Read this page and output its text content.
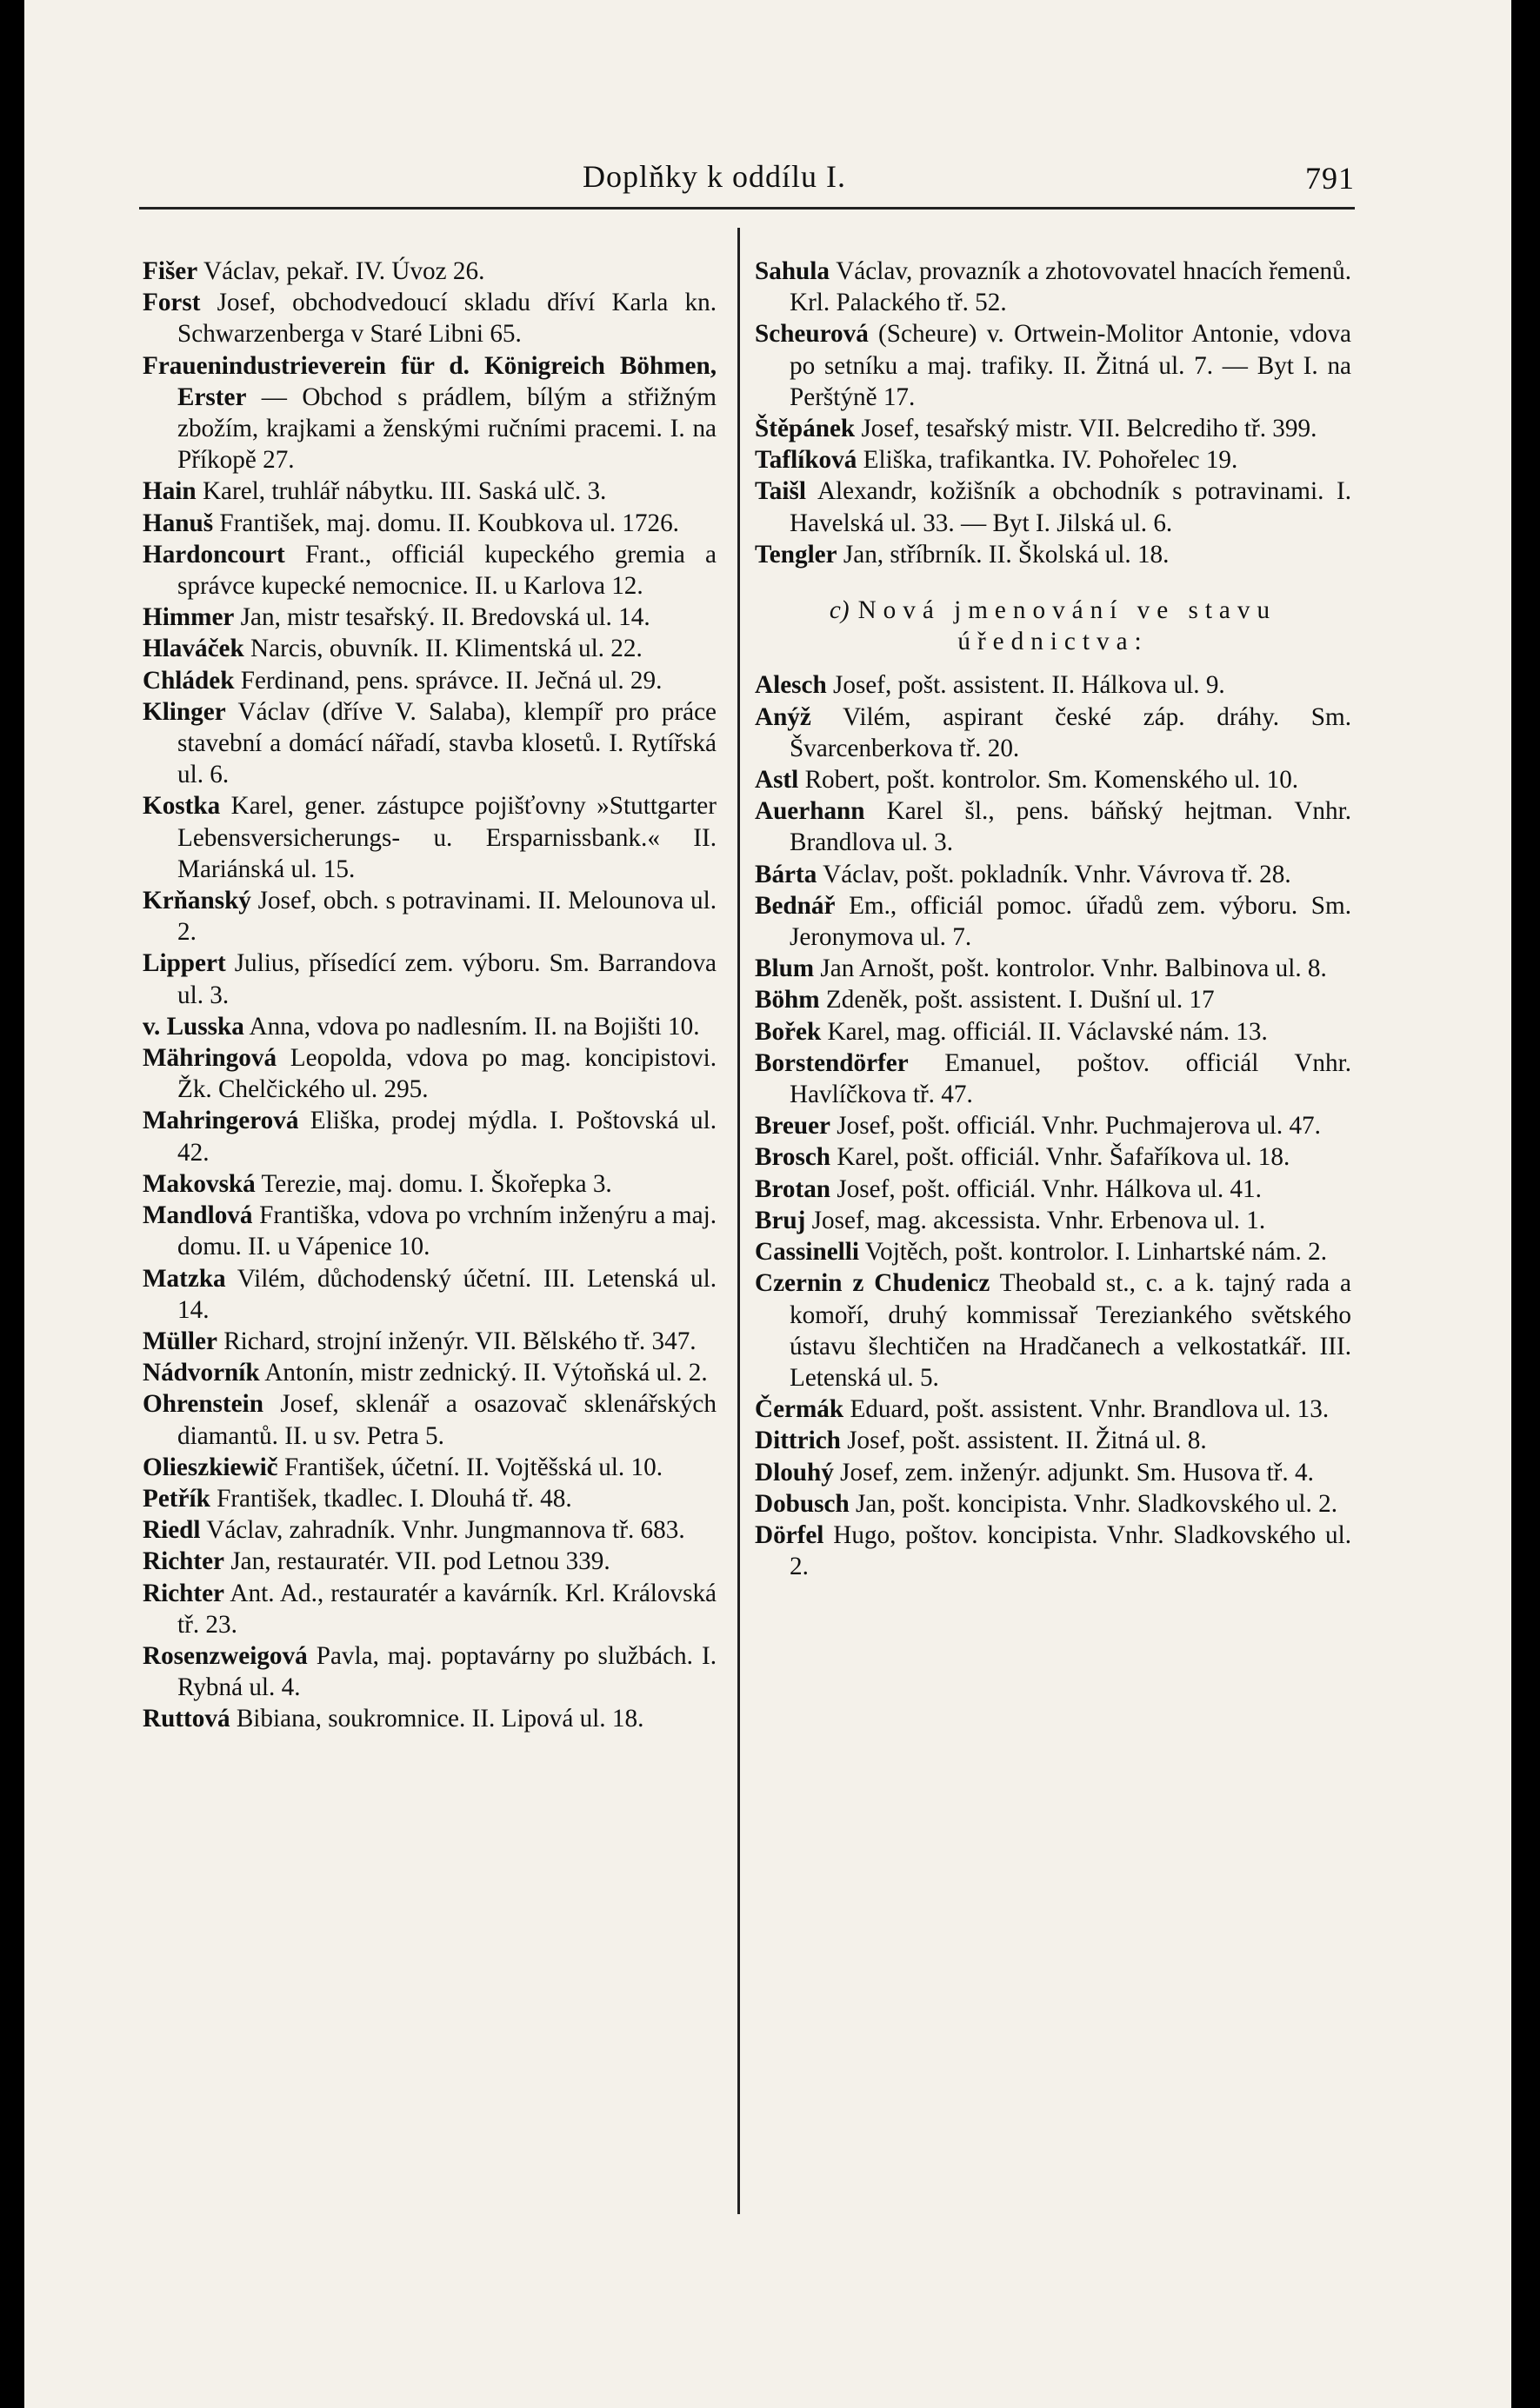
Doplňky k oddílu I.	791

Fišer Václav, pekař. IV. Úvoz 26.

Forst Josef, obchodvedoucí skladu dříví Karla kn. Schwarzenberga v Staré Libni 65.

Frauenindustrieverein für d. Königreich Böhmen, Erster — Obchod s prádlem, bílým a střižným zbožím, krajkami a ženskými ručními pracemi. I. na Příkopě 27.

Hain Karel, truhlář nábytku. III. Saská ulč. 3.

Hanuš František, maj. domu. II. Koubkova ul. 1726.

Hardoncourt Frant., officiál kupeckého gremia a správce kupecké nemocnice. II. u Karlova 12.

Himmer Jan, mistr tesařský. II. Bredovská ul. 14.

Hlaváček Narcis, obuvník. II. Klimentská ul. 22.

Chládek Ferdinand, pens. správce. II. Ječná ul. 29.

Klinger Václav (dříve V. Salaba), klempíř pro práce stavební a domácí nářadí, stavba klosetů. I. Rytířská ul. 6.

Kostka Karel, gener. zástupce pojišťovny »Stuttgarter Lebensversicherungs- u. Ersparnissbank.« II. Mariánská ul. 15.

Krňanský Josef, obch. s potravinami. II. Melounova ul. 2.

Lippert Julius, přísedící zem. výboru. Sm. Barrandova ul. 3.

v. Lusska Anna, vdova po nadlesním. II. na Bojišti 10.

Mähringová Leopolda, vdova po mag. koncipistovi. Žk. Chelčického ul. 295.

Mahringerová Eliška, prodej mýdla. I. Poštovská ul. 42.

Makovská Terezie, maj. domu. I. Škořepka 3.

Mandlová Františka, vdova po vrchním inženýru a maj. domu. II. u Vápenice 10.

Matzka Vilém, důchodenský účetní. III. Letenská ul. 14.

Müller Richard, strojní inženýr. VII. Bělského tř. 347.

Nádvorník Antonín, mistr zednický. II. Výtoňská ul. 2.

Ohrenstein Josef, sklenář a osazovač sklenářských diamantů. II. u sv. Petra 5.

Olieszkiewič František, účetní. II. Vojtěšská ul. 10.

Petřík František, tkadlec. I. Dlouhá tř. 48.

Riedl Václav, zahradník. Vnhr. Jungmannova tř. 683.

Richter Jan, restauratér. VII. pod Letnou 339.

Richter Ant. Ad., restauratér a kavárník. Krl. Královská tř. 23.

Rosenzweigová Pavla, maj. poptavárny po službách. I. Rybná ul. 4.

Ruttová Bibiana, soukromnice. II. Lipová ul. 18.

Sahula Václav, provazník a zhotovovatel hnacích řemenů. Krl. Palackého tř. 52.

Scheurová (Scheure) v. Ortwein-Molitor Antonie, vdova po setníku a maj. trafiky. II. Žitná ul. 7. — Byt I. na Perštýně 17.

Štěpánek Josef, tesařský mistr. VII. Belcrediho tř. 399.

Taflíková Eliška, trafikantka. IV. Pohořelec 19.

Taišl Alexandr, kožišník a obchodník s potravinami. I. Havelská ul. 33. — Byt I. Jilská ul. 6.

Tengler Jan, stříbrník. II. Školská ul. 18.

c) Nová jmenování ve stavu úřednictva:

Alesch Josef, pošt. assistent. II. Hálkova ul. 9.

Anýž Vilém, aspirant české záp. dráhy. Sm. Švarcenberkova tř. 20.

Astl Robert, pošt. kontrolor. Sm. Komenského ul. 10.

Auerhann Karel šl., pens. báňský hejtman. Vnhr. Brandlova ul. 3.

Bárta Václav, pošt. pokladník. Vnhr. Vávrova tř. 28.

Bednář Em., officiál pomoc. úřadů zem. výboru. Sm. Jeronymova ul. 7.

Blum Jan Arnošt, pošt. kontrolor. Vnhr. Balbinova ul. 8.

Böhm Zdeněk, pošt. assistent. I. Dušní ul. 17

Bořek Karel, mag. officiál. II. Václavské nám. 13.

Borstendörfer Emanuel, poštov. officiál Vnhr. Havlíčkova tř. 47.

Breuer Josef, pošt. officiál. Vnhr. Puchmajerova ul. 47.

Brosch Karel, pošt. officiál. Vnhr. Šafaříkova ul. 18.

Brotan Josef, pošt. officiál. Vnhr. Hálkova ul. 41.

Bruj Josef, mag. akcessista. Vnhr. Erbenova ul. 1.

Cassinelli Vojtěch, pošt. kontrolor. I. Linhartské nám. 2.

Czernin z Chudenicz Theobald st., c. a k. tajný rada a komoří, druhý kommissař Tereziankého světského ústavu šlechtičen na Hradčanech a velkostatkář. III. Letenská ul. 5.

Čermák Eduard, pošt. assistent. Vnhr. Brandlova ul. 13.

Dittrich Josef, pošt. assistent. II. Žitná ul. 8.

Dlouhý Josef, zem. inženýr. adjunkt. Sm. Husova tř. 4.

Dobusch Jan, pošt. koncipista. Vnhr. Sladkovského ul. 2.

Dörfel Hugo, poštov. koncipista. Vnhr. Sladkovského ul. 2.
